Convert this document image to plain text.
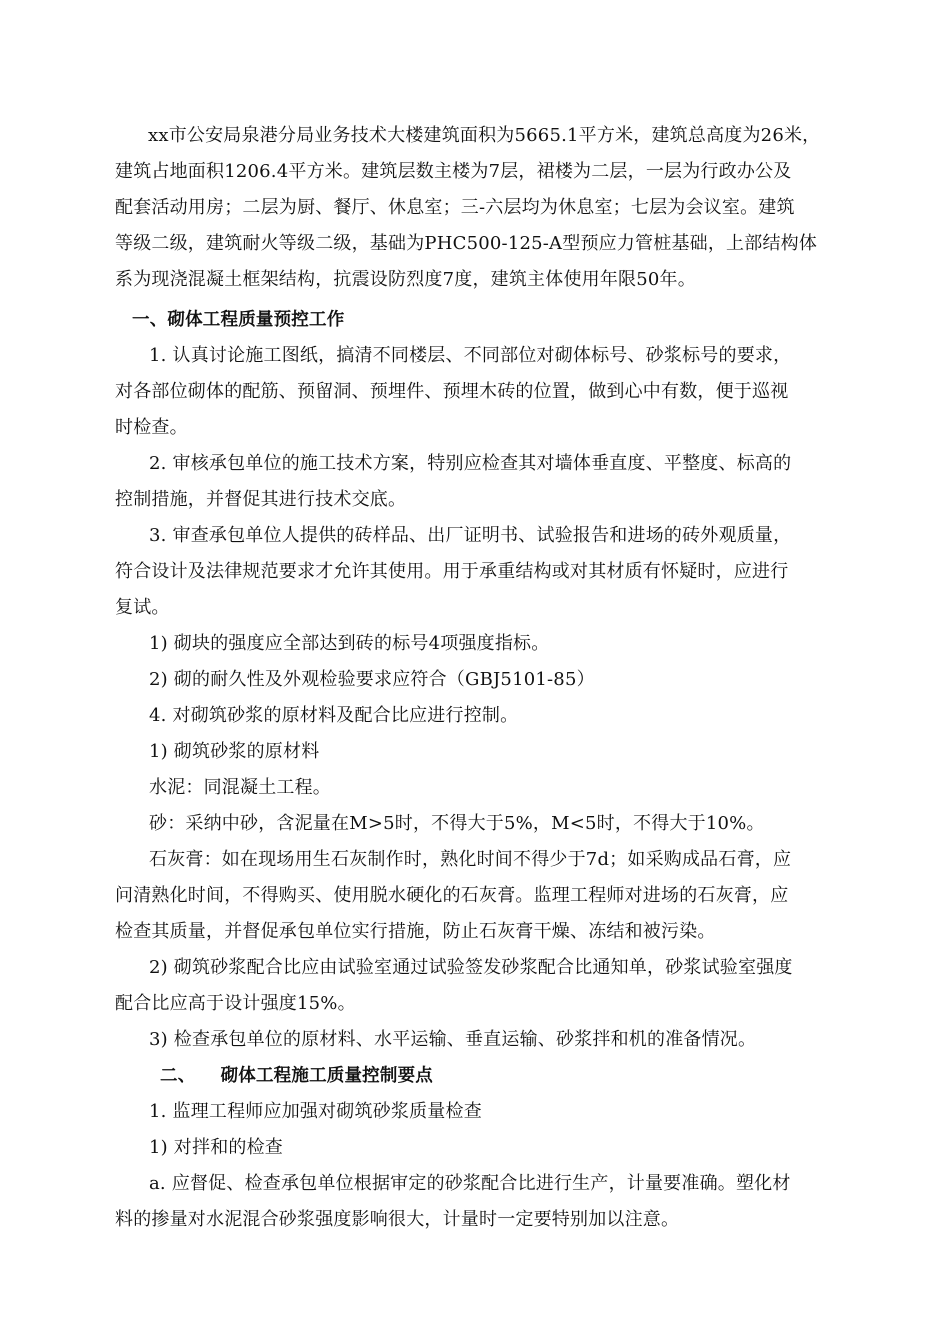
xx市公安局泉港分局业务技术大楼建筑面积为5665.1平方米，建筑总高度为26米，
建筑占地面积1206.4平方米。建筑层数主楼为7层，裙楼为二层，一层为行政办公及
配套活动用房；二层为厨、餐厅、休息室；三-六层均为休息室；七层为会议室。建筑
等级二级，建筑耐火等级二级，基础为PHC500-125-A型预应力管桩基础，上部结构体
系为现浇混凝土框架结构，抗震设防烈度7度，建筑主体使用年限50年。
一、砌体工程质量预控工作
1. 认真讨论施工图纸，搞清不同楼层、不同部位对砌体标号、砂浆标号的要求，
对各部位砌体的配筋、预留洞、预埋件、预埋木砖的位置，做到心中有数，便于巡视
时检查。
2. 审核承包单位的施工技术方案，特别应检查其对墙体垂直度、平整度、标高的
控制措施，并督促其进行技术交底。
3. 审查承包单位人提供的砖样品、出厂证明书、试验报告和进场的砖外观质量，
符合设计及法律规范要求才允许其使用。用于承重结构或对其材质有怀疑时，应进行
复试。
1) 砌块的强度应全部达到砖的标号4项强度指标。
2) 砌的耐久性及外观检验要求应符合（GBJ5101-85）
4. 对砌筑砂浆的原材料及配合比应进行控制。
1) 砌筑砂浆的原材料
水泥：同混凝土工程。
砂：采纳中砂，含泥量在M>5时，不得大于5%，M<5时，不得大于10%。
石灰膏：如在现场用生石灰制作时，熟化时间不得少于7d；如采购成品石膏，应
问清熟化时间，不得购买、使用脱水硬化的石灰膏。监理工程师对进场的石灰膏，应
检查其质量，并督促承包单位实行措施，防止石灰膏干燥、冻结和被污染。
2) 砌筑砂浆配合比应由试验室通过试验签发砂浆配合比通知单，砂浆试验室强度
配合比应高于设计强度15%。
3) 检查承包单位的原材料、水平运输、垂直运输、砂浆拌和机的准备情况。
二、    砌体工程施工质量控制要点
1. 监理工程师应加强对砌筑砂浆质量检查
1) 对拌和的检查
a. 应督促、检查承包单位根据审定的砂浆配合比进行生产，计量要准确。塑化材
料的掺量对水泥混合砂浆强度影响很大，计量时一定要特别加以注意。
